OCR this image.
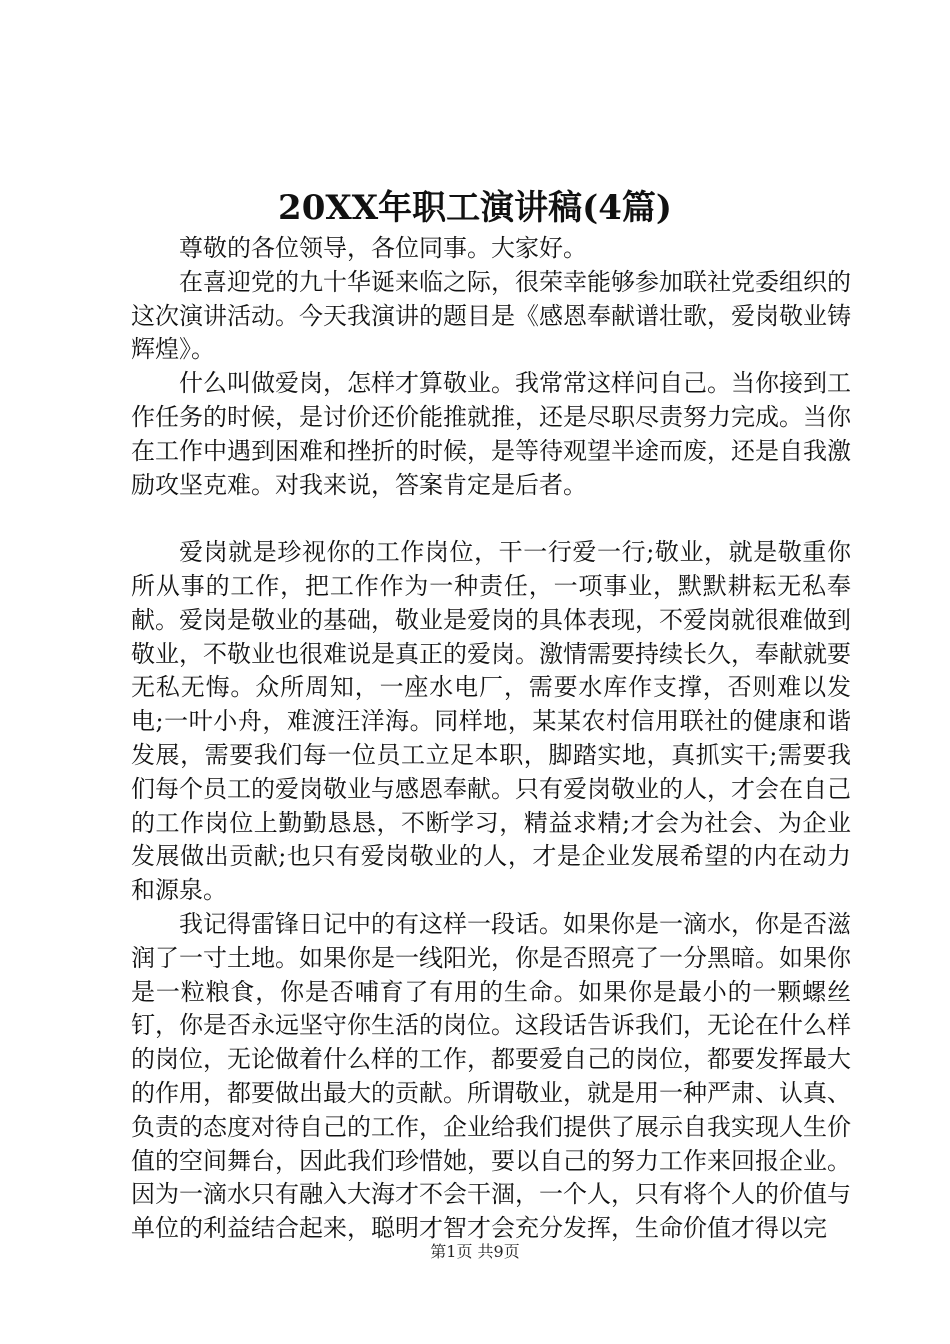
20XX年职工演讲稿(4篇)

尊敬的各位领导，各位同事。大家好。

在喜迎党的九十华诞来临之际，很荣幸能够参加联社党委组织的这次演讲活动。今天我演讲的题目是《感恩奉献谱壮歌，爱岗敬业铸辉煌》。

什么叫做爱岗，怎样才算敬业。我常常这样问自己。当你接到工作任务的时候，是讨价还价能推就推，还是尽职尽责努力完成。当你在工作中遇到困难和挫折的时候，是等待观望半途而废，还是自我激励攻坚克难。对我来说，答案肯定是后者。

爱岗就是珍视你的工作岗位，干一行爱一行;敬业，就是敬重你所从事的工作，把工作作为一种责任，一项事业，默默耕耘无私奉献。爱岗是敬业的基础，敬业是爱岗的具体表现，不爱岗就很难做到敬业，不敬业也很难说是真正的爱岗。激情需要持续长久，奉献就要无私无悔。众所周知，一座水电厂，需要水库作支撑，否则难以发电;一叶小舟，难渡汪洋海。同样地，某某农村信用联社的健康和谐发展，需要我们每一位员工立足本职，脚踏实地，真抓实干;需要我们每个员工的爱岗敬业与感恩奉献。只有爱岗敬业的人，才会在自己的工作岗位上勤勤恳恳，不断学习，精益求精;才会为社会、为企业发展做出贡献;也只有爱岗敬业的人，才是企业发展希望的内在动力和源泉。

我记得雷锋日记中的有这样一段话。如果你是一滴水，你是否滋润了一寸土地。如果你是一线阳光，你是否照亮了一分黑暗。如果你是一粒粮食，你是否哺育了有用的生命。如果你是最小的一颗螺丝钉，你是否永远坚守你生活的岗位。这段话告诉我们，无论在什么样的岗位，无论做着什么样的工作，都要爱自己的岗位，都要发挥最大的作用，都要做出最大的贡献。所谓敬业，就是用一种严肃、认真、负责的态度对待自己的工作，企业给我们提供了展示自我实现人生价值的空间舞台，因此我们珍惜她，要以自己的努力工作来回报企业。因为一滴水只有融入大海才不会干涸，一个人，只有将个人的价值与单位的利益结合起来，聪明才智才会充分发挥，生命价值才得以完

第1页 共9页
